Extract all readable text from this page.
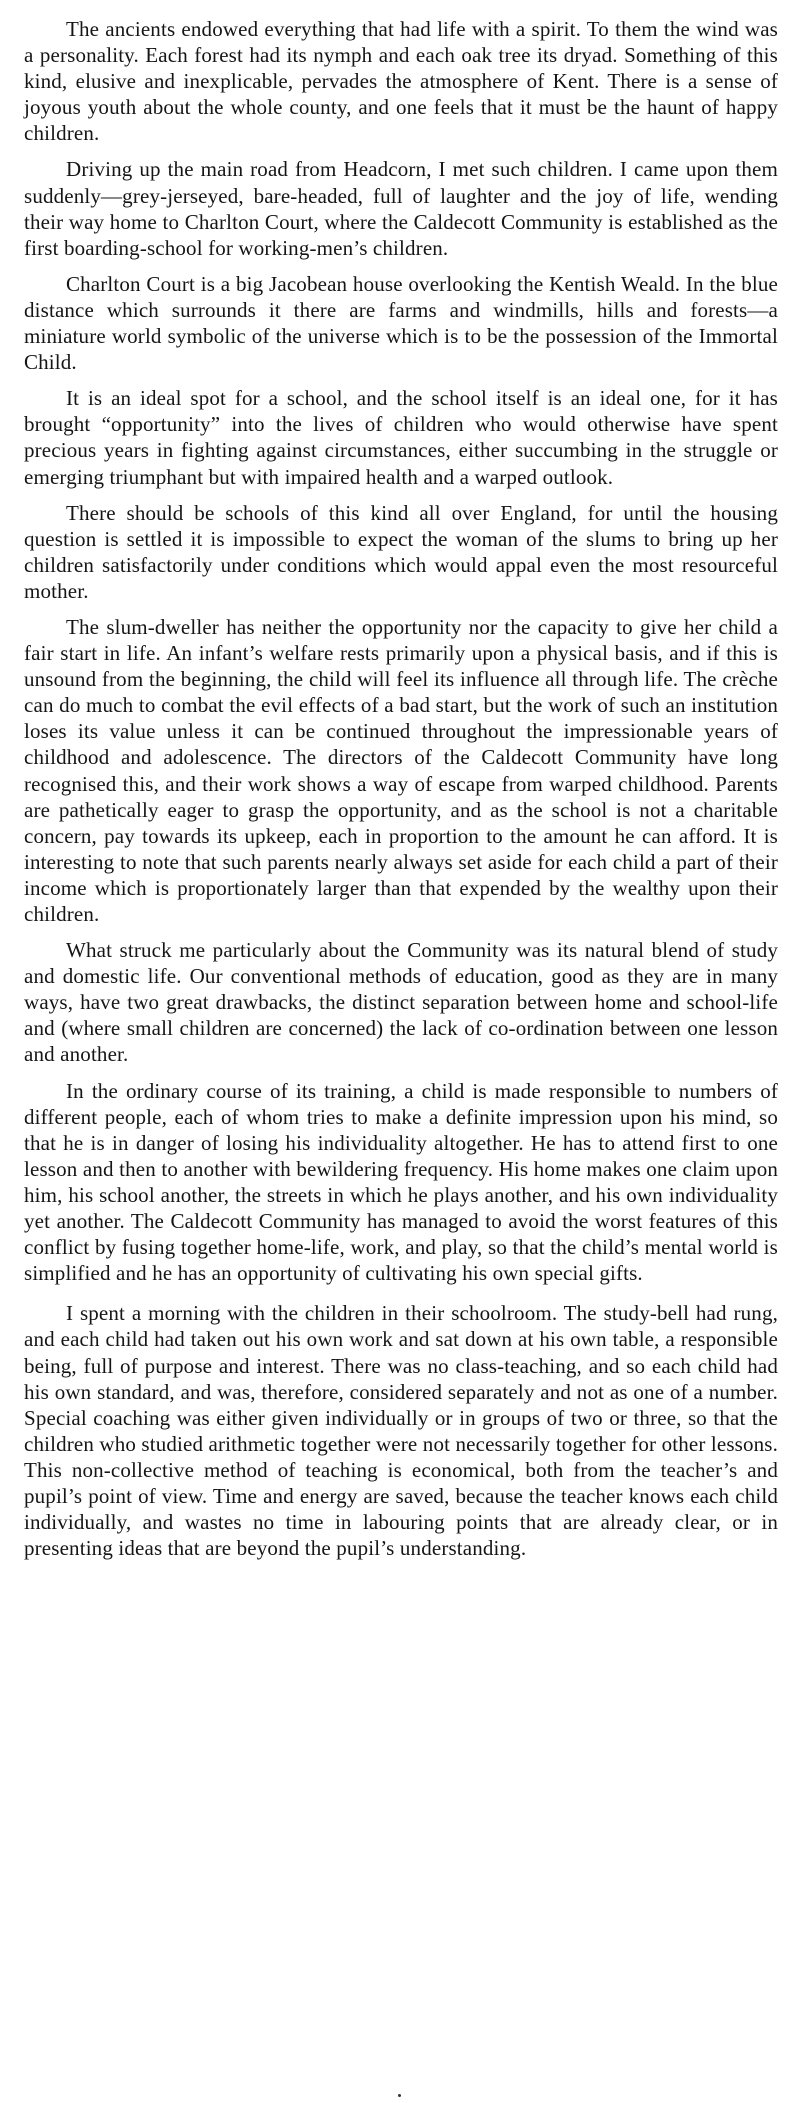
The ancients endowed everything that had life with a spirit. To them the wind was a personality. Each forest had its nymph and each oak tree its dryad. Something of this kind, elusive and inexplicable, pervades the atmosphere of Kent. There is a sense of joyous youth about the whole county, and one feels that it must be the haunt of happy children.

Driving up the main road from Headcorn, I met such children. I came upon them suddenly—grey-jerseyed, bare-headed, full of laughter and the joy of life, wending their way home to Charlton Court, where the Caldecott Community is established as the first boarding-school for working-men’s children.

Charlton Court is a big Jacobean house overlooking the Kentish Weald. In the blue distance which surrounds it there are farms and windmills, hills and forests—a miniature world symbolic of the universe which is to be the possession of the Immortal Child.

It is an ideal spot for a school, and the school itself is an ideal one, for it has brought “opportunity” into the lives of children who would otherwise have spent precious years in fighting against circumstances, either succumbing in the struggle or emerging triumphant but with impaired health and a warped outlook.

There should be schools of this kind all over England, for until the housing question is settled it is impossible to expect the woman of the slums to bring up her children satisfactorily under conditions which would appal even the most resourceful mother.

The slum-dweller has neither the opportunity nor the capacity to give her child a fair start in life. An infant’s welfare rests primarily upon a physical basis, and if this is unsound from the beginning, the child will feel its influence all through life. The crèche can do much to combat the evil effects of a bad start, but the work of such an institution loses its value unless it can be continued throughout the impressionable years of childhood and adolescence. The directors of the Caldecott Community have long recognised this, and their work shows a way of escape from warped childhood. Parents are pathetically eager to grasp the opportunity, and as the school is not a charitable concern, pay towards its upkeep, each in proportion to the amount he can afford. It is interesting to note that such parents nearly always set aside for each child a part of their income which is proportionately larger than that expended by the wealthy upon their children.

What struck me particularly about the Community was its natural blend of study and domestic life. Our conventional methods of education, good as they are in many ways, have two great drawbacks, the distinct separation between home and school-life and (where small children are concerned) the lack of co-ordination between one lesson and another.

In the ordinary course of its training, a child is made responsible to numbers of different people, each of whom tries to make a definite impression upon his mind, so that he is in danger of losing his individuality altogether. He has to attend first to one lesson and then to another with bewildering frequency. His home makes one claim upon him, his school another, the streets in which he plays another, and his own individuality yet another. The Caldecott Community has managed to avoid the worst features of this conflict by fusing together home-life, work, and play, so that the child’s mental world is simplified and he has an opportunity of cultivating his own special gifts.

I spent a morning with the children in their schoolroom. The study-bell had rung, and each child had taken out his own work and sat down at his own table, a responsible being, full of purpose and interest. There was no class-teaching, and so each child had his own standard, and was, therefore, considered separately and not as one of a number. Special coaching was either given individually or in groups of two or three, so that the children who studied arithmetic together were not necessarily together for other lessons. This non-collective method of teaching is economical, both from the teacher’s and pupil’s point of view. Time and energy are saved, because the teacher knows each child individually, and wastes no time in labouring points that are already clear, or in presenting ideas that are beyond the pupil’s understanding.
